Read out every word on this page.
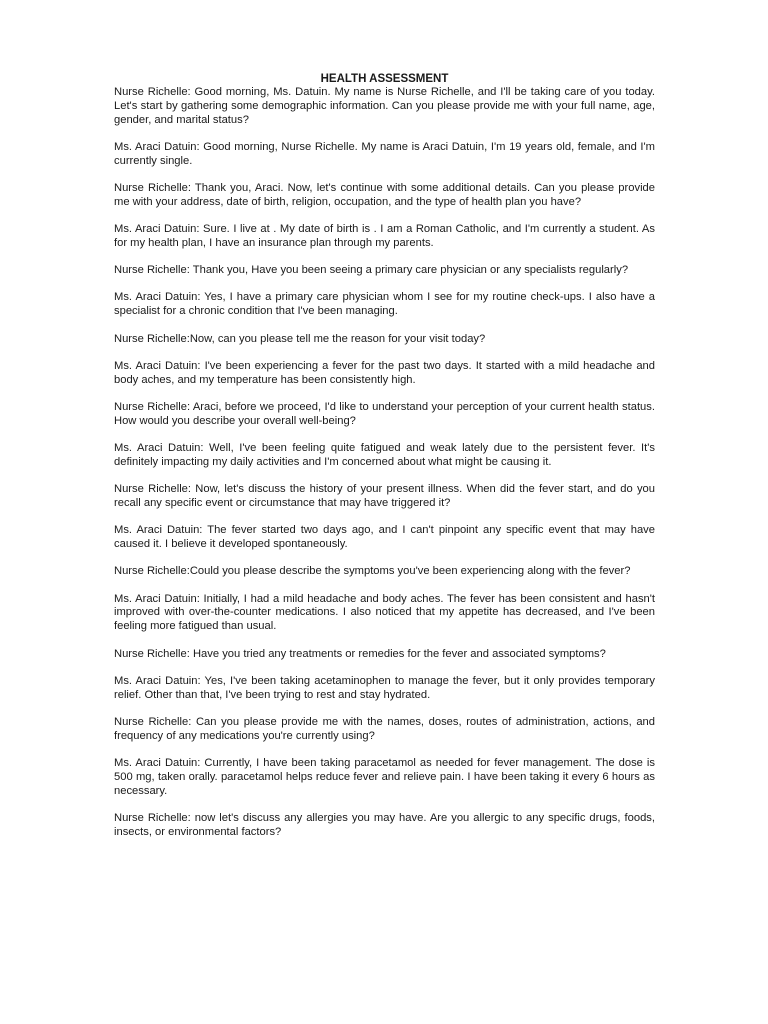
HEALTH ASSESSMENT

Nurse Richelle: Good morning, Ms. Datuin. My name is Nurse Richelle, and I'll be taking care of you today. Let's start by gathering some demographic information. Can you please provide me with your full name, age, gender, and marital status?

Ms. Araci Datuin: Good morning, Nurse Richelle. My name is Araci Datuin, I'm 19 years old, female, and I'm currently single.

Nurse Richelle: Thank you, Araci. Now, let's continue with some additional details. Can you please provide me with your address, date of birth, religion, occupation, and the type of health plan you have?

Ms. Araci Datuin: Sure. I live at . My date of birth is . I am a Roman Catholic, and I'm currently a student. As for my health plan, I have an insurance plan through my parents.

Nurse Richelle: Thank you, Have you been seeing a primary care physician or any specialists regularly?

Ms. Araci Datuin: Yes, I have a primary care physician whom I see for my routine check-ups. I also have a specialist for a chronic condition that I've been managing.

Nurse Richelle:Now, can you please tell me the reason for your visit today?

Ms. Araci Datuin: I've been experiencing a fever for the past two days. It started with a mild headache and body aches, and my temperature has been consistently high.

Nurse Richelle: Araci, before we proceed, I'd like to understand your perception of your current health status. How would you describe your overall well-being?

Ms. Araci Datuin: Well, I've been feeling quite fatigued and weak lately due to the persistent fever. It's definitely impacting my daily activities and I'm concerned about what might be causing it.

Nurse Richelle: Now, let's discuss the history of your present illness. When did the fever start, and do you recall any specific event or circumstance that may have triggered it?

Ms. Araci Datuin: The fever started two days ago, and I can't pinpoint any specific event that may have caused it. I believe it developed spontaneously.

Nurse Richelle:Could you please describe the symptoms you've been experiencing along with the fever?

Ms. Araci Datuin: Initially, I had a mild headache and body aches. The fever has been consistent and hasn't improved with over-the-counter medications. I also noticed that my appetite has decreased, and I've been feeling more fatigued than usual.

Nurse Richelle: Have you tried any treatments or remedies for the fever and associated symptoms?

Ms. Araci Datuin: Yes, I've been taking acetaminophen to manage the fever, but it only provides temporary relief. Other than that, I've been trying to rest and stay hydrated.

Nurse Richelle: Can you please provide me with the names, doses, routes of administration, actions, and frequency of any medications you're currently using?

Ms. Araci Datuin: Currently, I have been taking paracetamol as needed for fever management. The dose is 500 mg, taken orally. paracetamol helps reduce fever and relieve pain. I have been taking it every 6 hours as necessary.

Nurse Richelle: now let's discuss any allergies you may have. Are you allergic to any specific drugs, foods, insects, or environmental factors?
